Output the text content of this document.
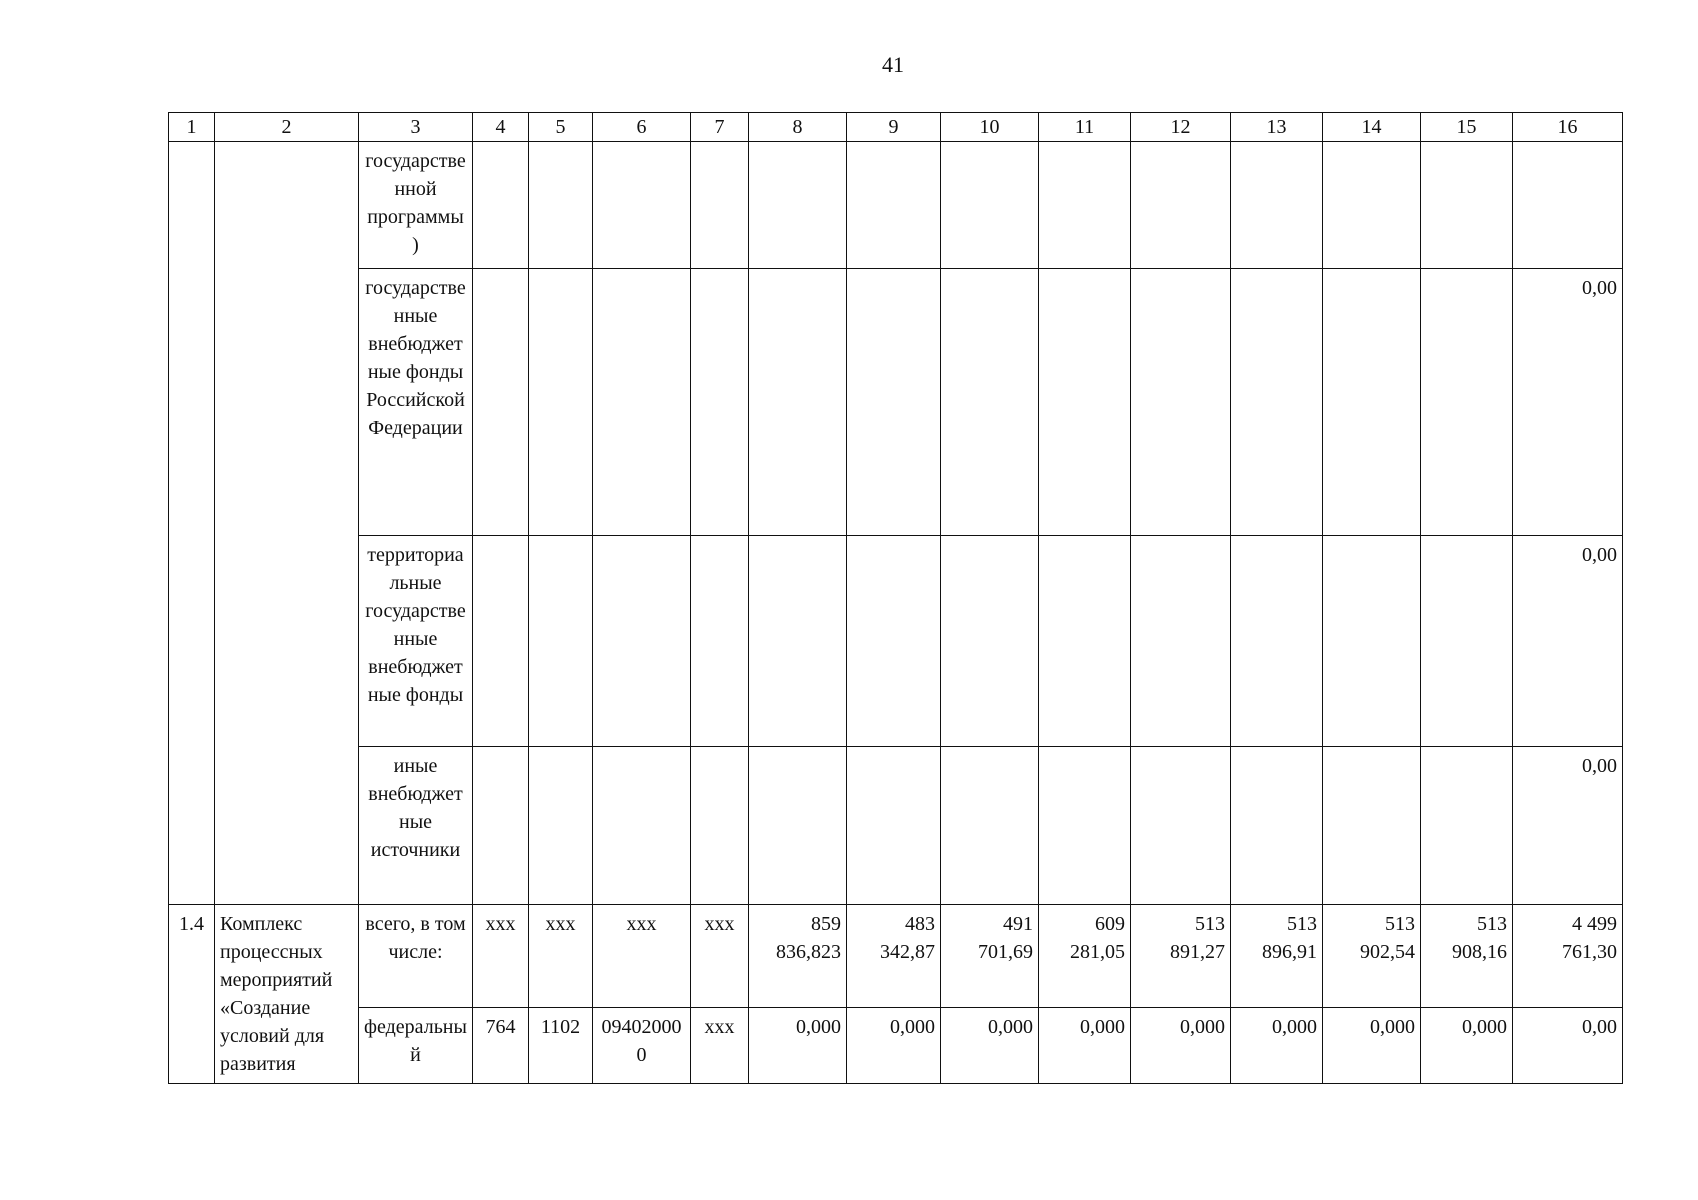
41
1	2	3	4	5	6	7	8	9	10	11	12	13	14	15	16
		государственной программы)													
		государственные внебюджетные фонды Российской Федерации													0,00
		территориальные государственные внебюджетные фонды													0,00
		иные внебюджетные источники													0,00
1.4	Комплекс процессных мероприятий «Создание условий для развития	всего, в том числе:	ххх	ххх	ххх	ххх	859 836,823	483 342,87	491 701,69	609 281,05	513 891,27	513 896,91	513 902,54	513 908,16	4 499 761,30
		федеральный	764	1102	094020000	ххх	0,000	0,000	0,000	0,000	0,000	0,000	0,000	0,000	0,00
